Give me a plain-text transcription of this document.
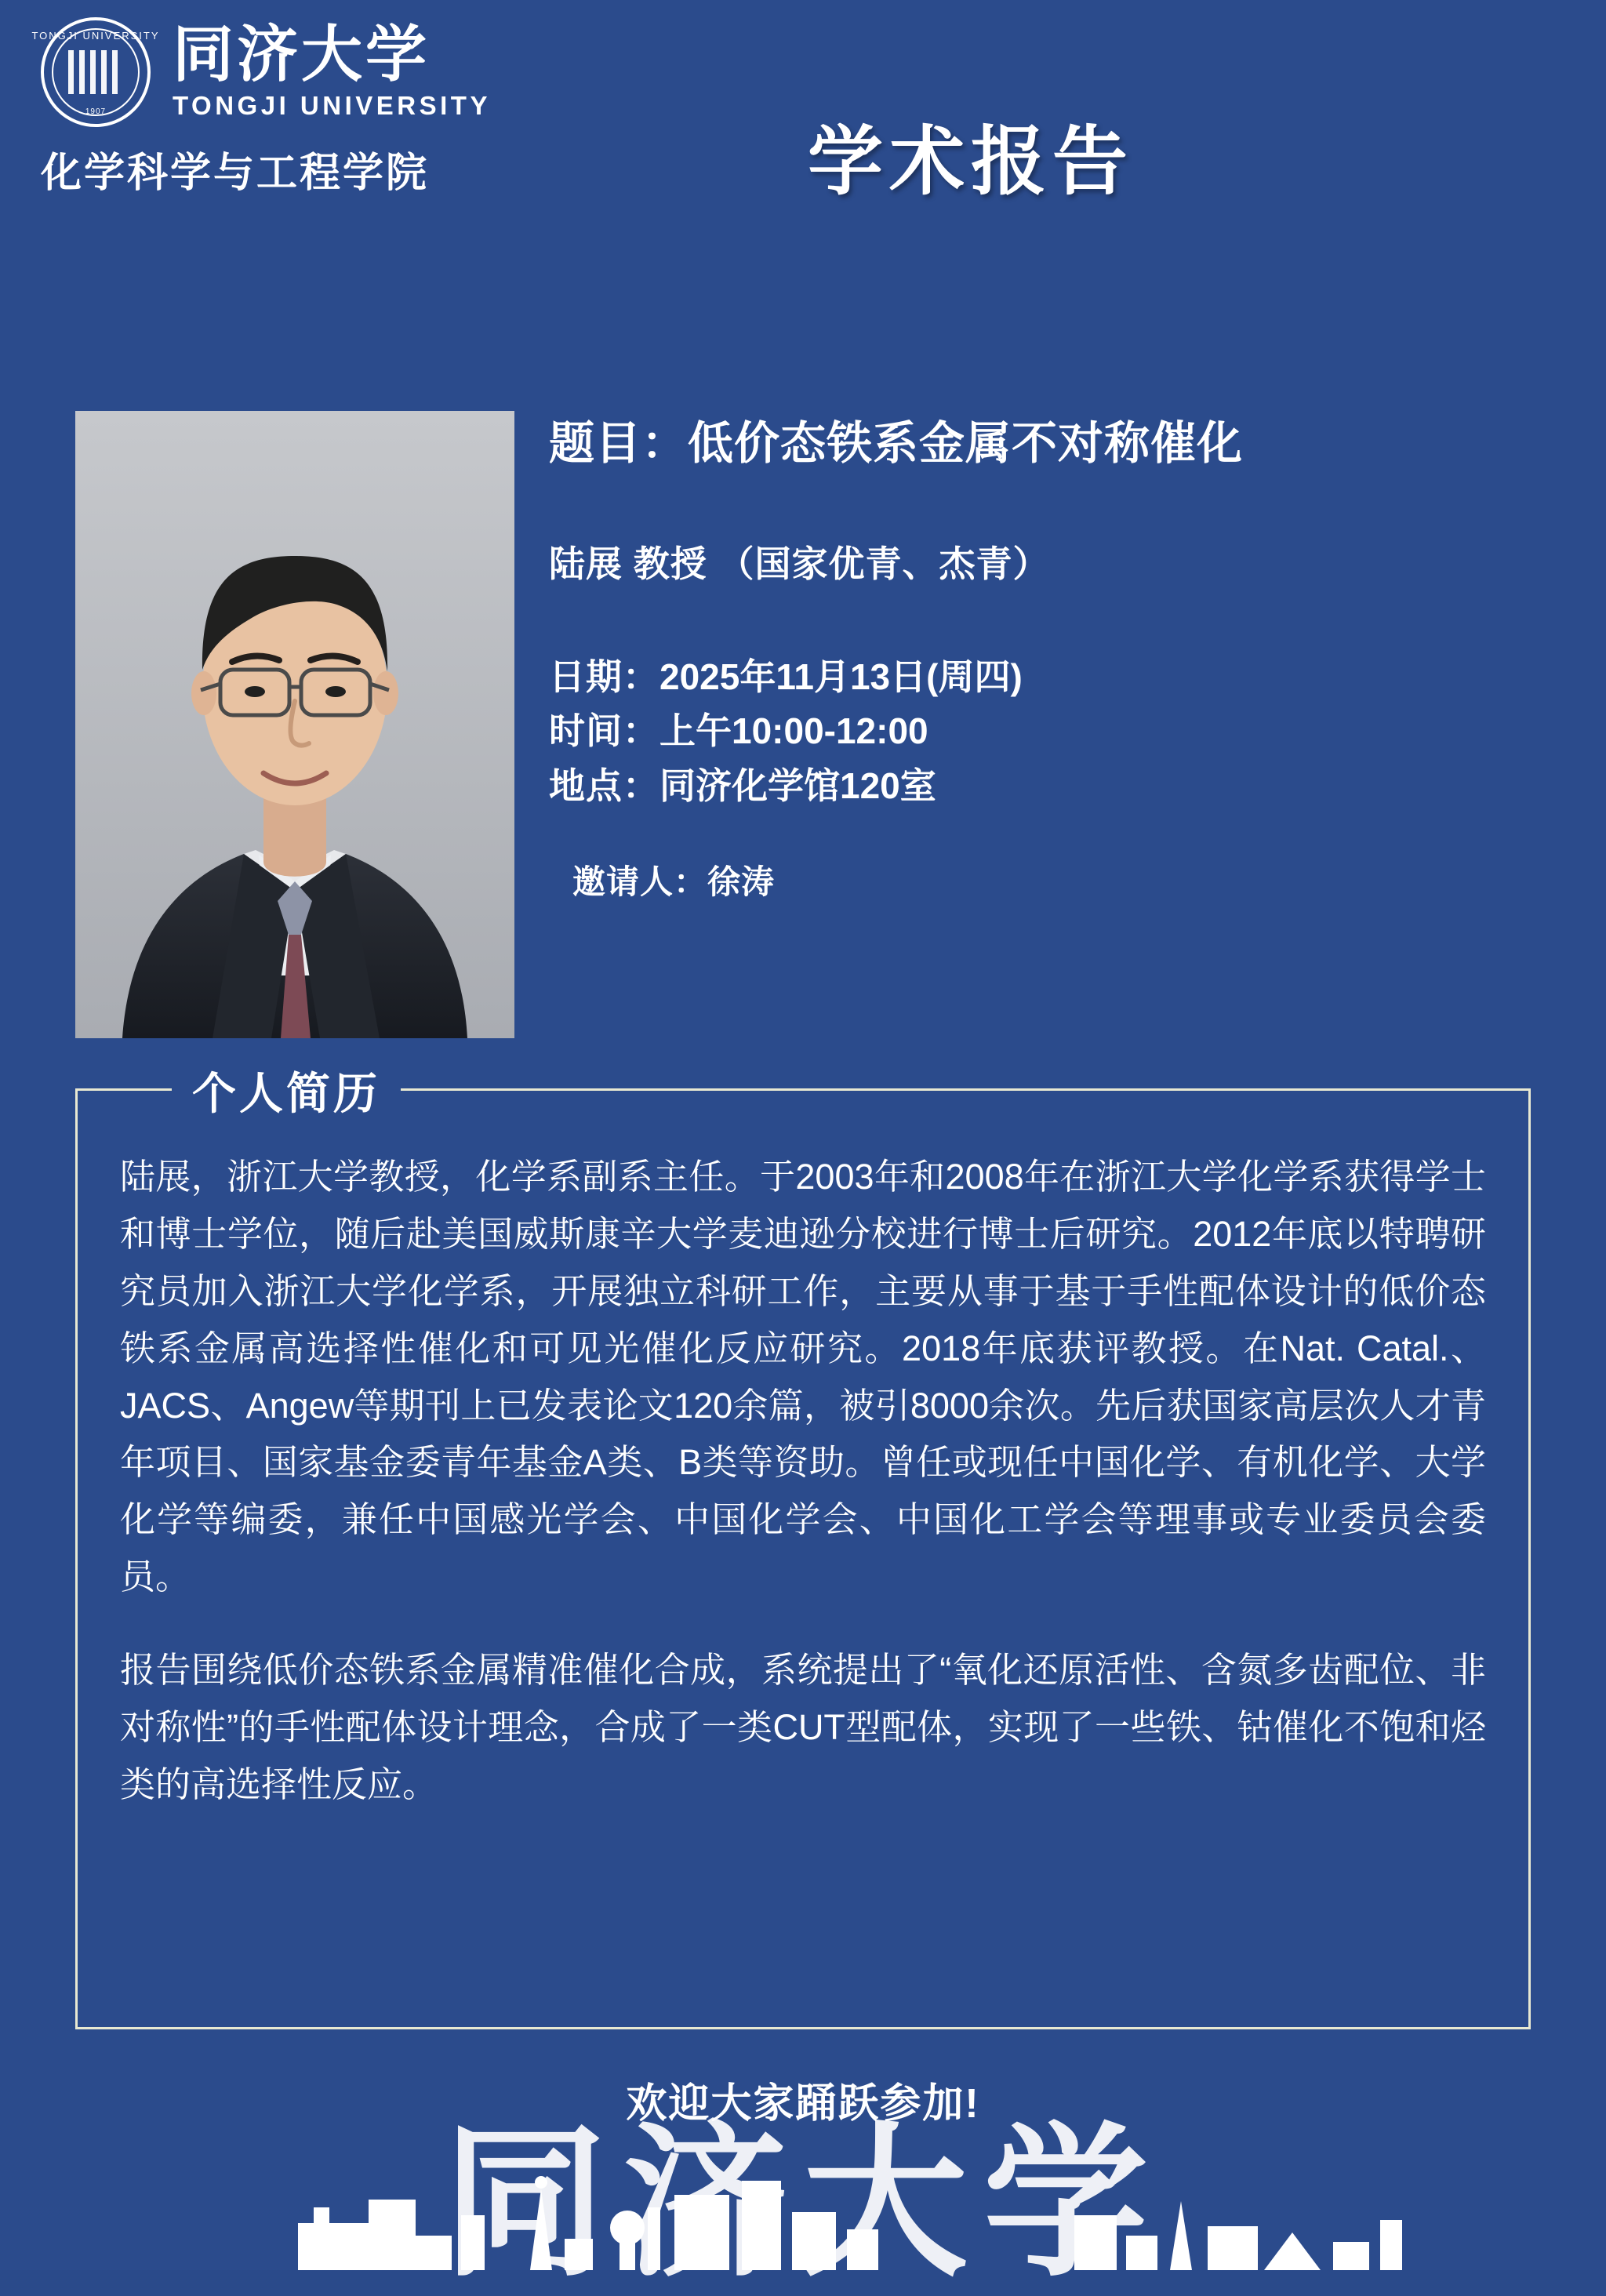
TONGJI UNIVERSITY
1907
同济大学
TONGJI UNIVERSITY
化学科学与工程学院	学术报告
题目：低价态铁系金属不对称催化
陆展 教授 （国家优青、杰青）
日期：2025年11月13日(周四)
时间：上午10:00-12:00
地点：同济化学馆120室
邀请人：徐涛
个人简历

陆展，浙江大学教授，化学系副系主任。于2003年和2008年在浙江大学化学系获得学士和博士学位，随后赴美国威斯康辛大学麦迪逊分校进行博士后研究。2012年底以特聘研究员加入浙江大学化学系，开展独立科研工作，主要从事于基于手性配体设计的低价态铁系金属高选择性催化和可见光催化反应研究。2018年底获评教授。在Nat. Catal.、JACS、Angew等期刊上已发表论文120余篇，被引8000余次。先后获国家高层次人才青年项目、国家基金委青年基金A类、B类等资助。曾任或现任中国化学、有机化学、大学化学等编委，兼任中国感光学会、中国化学会、中国化工学会等理事或专业委员会委员。

报告围绕低价态铁系金属精准催化合成，系统提出了“氧化还原活性、含氮多齿配位、非对称性”的手性配体设计理念，合成了一类CUT型配体，实现了一些铁、钴催化不饱和烃类的高选择性反应。

欢迎大家踊跃参加!
同济大学
